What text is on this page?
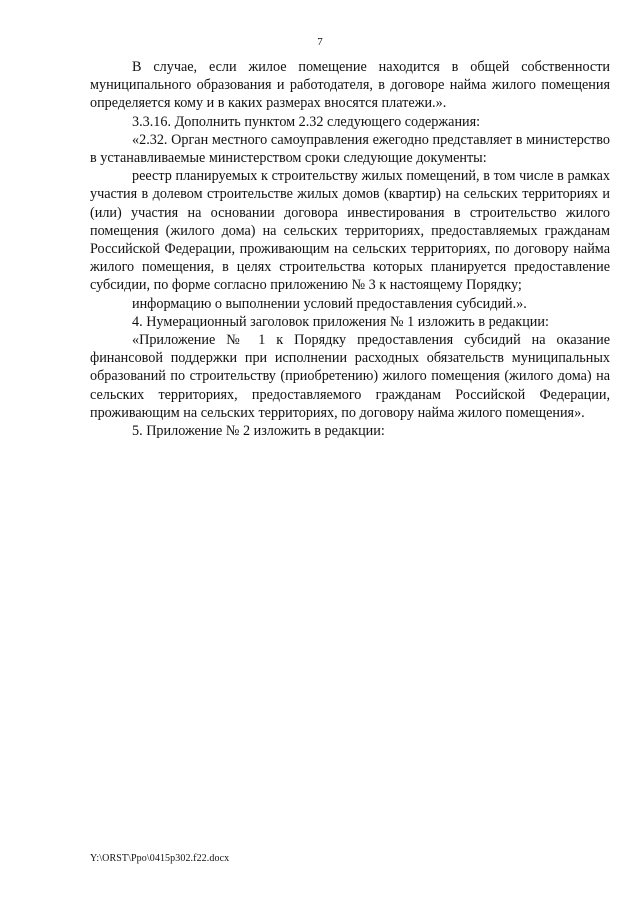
7

В случае, если жилое помещение находится в общей собственности муниципального образования и работодателя, в договоре найма жилого помещения определяется кому и в каких размерах вносятся платежи.».

3.3.16. Дополнить пунктом 2.32 следующего содержания:

«2.32. Орган местного самоуправления ежегодно представляет в министерство в устанавливаемые министерством сроки следующие документы:

реестр планируемых к строительству жилых помещений, в том числе в рамках участия в долевом строительстве жилых домов (квартир) на сельских территориях и (или) участия на основании договора инвестирования в строительство жилого помещения (жилого дома) на сельских территориях, предоставляемых гражданам Российской Федерации, проживающим на сельских территориях, по договору найма жилого помещения, в целях строительства которых планируется предоставление субсидии, по форме согласно приложению № 3 к настоящему Порядку;

информацию о выполнении условий предоставления субсидий.».

4. Нумерационный заголовок приложения № 1 изложить в редакции:

«Приложение № 1 к Порядку предоставления субсидий на оказание финансовой поддержки при исполнении расходных обязательств муниципальных образований по строительству (приобретению) жилого помещения (жилого дома) на сельских территориях, предоставляемого гражданам Российской Федерации, проживающим на сельских территориях, по договору найма жилого помещения».

5. Приложение № 2 изложить в редакции:

Y:\ORST\Ppo\0415p302.f22.docx
